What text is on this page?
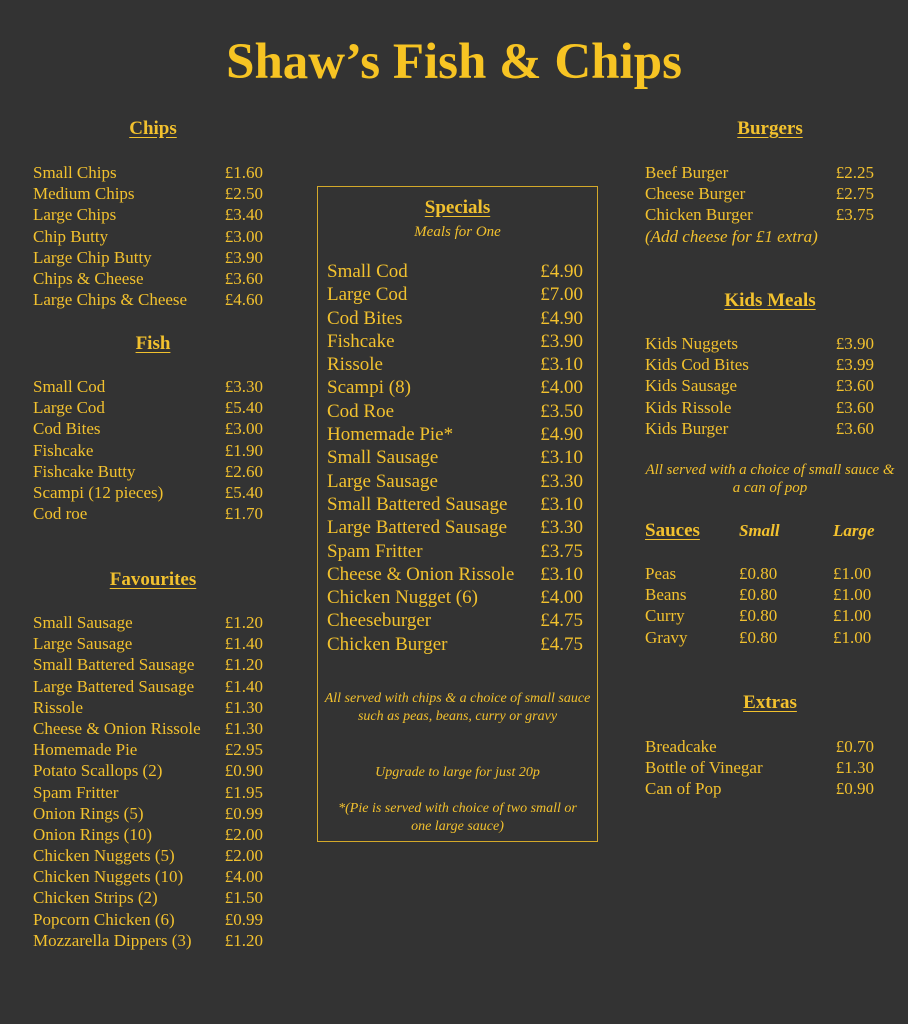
Shaw’s Fish & Chips
Chips
Small Chips	£1.60
Medium Chips	£2.50
Large Chips	£3.40
Chip Butty	£3.00
Large Chip Butty	£3.90
Chips & Cheese	£3.60
Large Chips & Cheese £4.60
Fish
Small Cod	£3.30
Large Cod	£5.40
Cod Bites	£3.00
Fishcake	£1.90
Fishcake Butty	£2.60
Scampi (12 pieces)	£5.40
Cod roe	£1.70
Favourites
Small Sausage	£1.20
Large Sausage	£1.40
Small Battered Sausage £1.20
Large Battered Sausage £1.40
Rissole	£1.30
Cheese & Onion Rissole £1.30
Homemade Pie	£2.95
Potato Scallops (2)	£0.90
Spam Fritter	£1.95
Onion Rings (5)	£0.99
Onion Rings (10)	£2.00
Chicken Nuggets (5)	£2.00
Chicken Nuggets (10) £4.00
Chicken Strips (2)	£1.50
Popcorn Chicken (6)	£0.99
Mozzarella Dippers (3) £1.20
Specials
Meals for One
Small Cod	£4.90
Large Cod	£7.00
Cod Bites	£4.90
Fishcake	£3.90
Rissole	£3.10
Scampi (8)	£4.00
Cod Roe	£3.50
Homemade Pie*	£4.90
Small Sausage	£3.10
Large Sausage	£3.30
Small Battered Sausage £3.10
Large Battered Sausage £3.30
Spam Fritter	£3.75
Cheese & Onion Rissole £3.10
Chicken Nugget (6)	£4.00
Cheeseburger	£4.75
Chicken Burger	£4.75
All served with chips & a choice of small sauce such as peas, beans, curry or gravy
Upgrade to large for just 20p
*(Pie is served with choice of two small or one large sauce)
Burgers
Beef Burger	£2.25
Cheese Burger	£2.75
Chicken Burger	£3.75
(Add cheese for £1 extra)
Kids Meals
Kids Nuggets	£3.90
Kids Cod Bites	£3.99
Kids Sausage	£3.60
Kids Rissole	£3.60
Kids Burger	£3.60
All served with a choice of small sauce & a can of pop
Sauces	Small	Large
Peas	£0.80	£1.00
Beans	£0.80	£1.00
Curry	£0.80	£1.00
Gravy	£0.80	£1.00
Extras
Breadcake	£0.70
Bottle of Vinegar	£1.30
Can of Pop	£0.90
